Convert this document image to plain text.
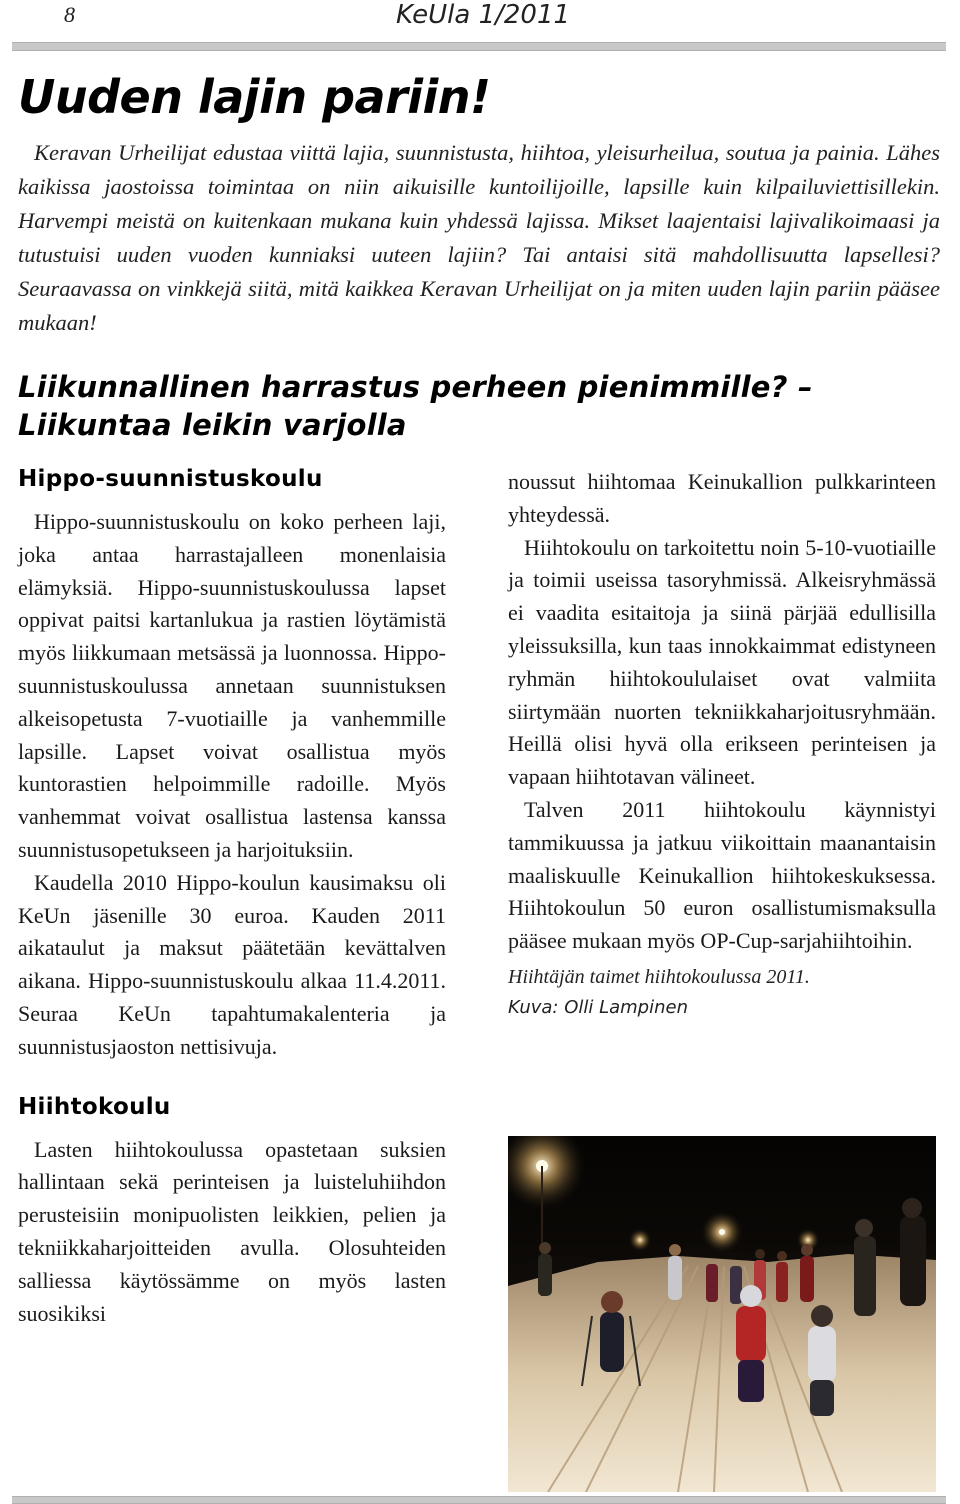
8	KeUla 1/2011
Uuden lajin pariin!

Keravan Urheilijat edustaa viittä lajia, suunnistusta, hiihtoa, yleisurheilua, soutua ja painia. Lähes kaikissa jaostoissa toimintaa on niin aikuisille kuntoilijoille, lapsille kuin kilpailuviettisillekin. Harvempi meistä on kuitenkaan mukana kuin yhdessä lajissa. Mikset laajentaisi lajivalikoimaasi ja tutustuisi uuden vuoden kunniaksi uuteen lajiin? Tai antaisi sitä mahdollisuutta lapsellesi? Seuraavassa on vinkkejä siitä, mitä kaikkea Keravan Urheilijat on ja miten uuden lajin pariin pääsee mukaan!

Liikunnallinen harrastus perheen pienimmille? –
Liikuntaa leikin varjolla
Hippo-suunnistuskoulu

Hippo-suunnistuskoulu on koko perheen laji, joka antaa harrastajalleen monenlaisia elämyksiä. Hippo-suunnistuskoulussa lapset oppivat paitsi kartanlukua ja rastien löytämistä myös liikkumaan metsässä ja luonnossa. Hippo-suunnistuskoulussa annetaan suunnistuksen alkeisopetusta 7-vuotiaille ja vanhemmille lapsille. Lapset voivat osallistua myös kuntorastien helpoimmille radoille. Myös vanhemmat voivat osallistua lastensa kanssa suunnistusopetukseen ja harjoituksiin.

Kaudella 2010 Hippo-koulun kausimaksu oli KeUn jäsenille 30 euroa. Kauden 2011 aikataulut ja maksut päätetään kevättalven aikana. Hippo-suunnistuskoulu alkaa 11.4.2011. Seuraa KeUn tapahtumakalenteria ja suunnistusjaoston nettisivuja.

Hiihtokoulu

Lasten hiihtokoulussa opastetaan suksien hallintaan sekä perinteisen ja luisteluhiihdon perusteisiin monipuolisten leikkien, pelien ja tekniikkaharjoitteiden avulla. Olosuhteiden salliessa käytössämme on myös lasten suosikiksi

noussut hiihtomaa Keinukallion pulkkarinteen yhteydessä.

Hiihtokoulu on tarkoitettu noin 5-10-vuotiaille ja toimii useissa tasoryhmissä. Alkeisryhmässä ei vaadita esitaitoja ja siinä pärjää edullisilla yleissuksilla, kun taas innokkaimmat edistyneen ryhmän hiihtokoululaiset ovat valmiita siirtymään nuorten tekniikkaharjoitusryhmään. Heillä olisi hyvä olla erikseen perinteisen ja vapaan hiihtotavan välineet.

Talven 2011 hiihtokoulu käynnistyi tammikuussa ja jatkuu viikoittain maanantaisin maaliskuulle Keinukallion hiihtokeskuksessa. Hiihtokoulun 50 euron osallistumismaksulla pääsee mukaan myös OP-Cup-sarjahiihtoihin.

Hiihtäjän taimet hiihtokoulussa 2011.
Kuva: Olli Lampinen
